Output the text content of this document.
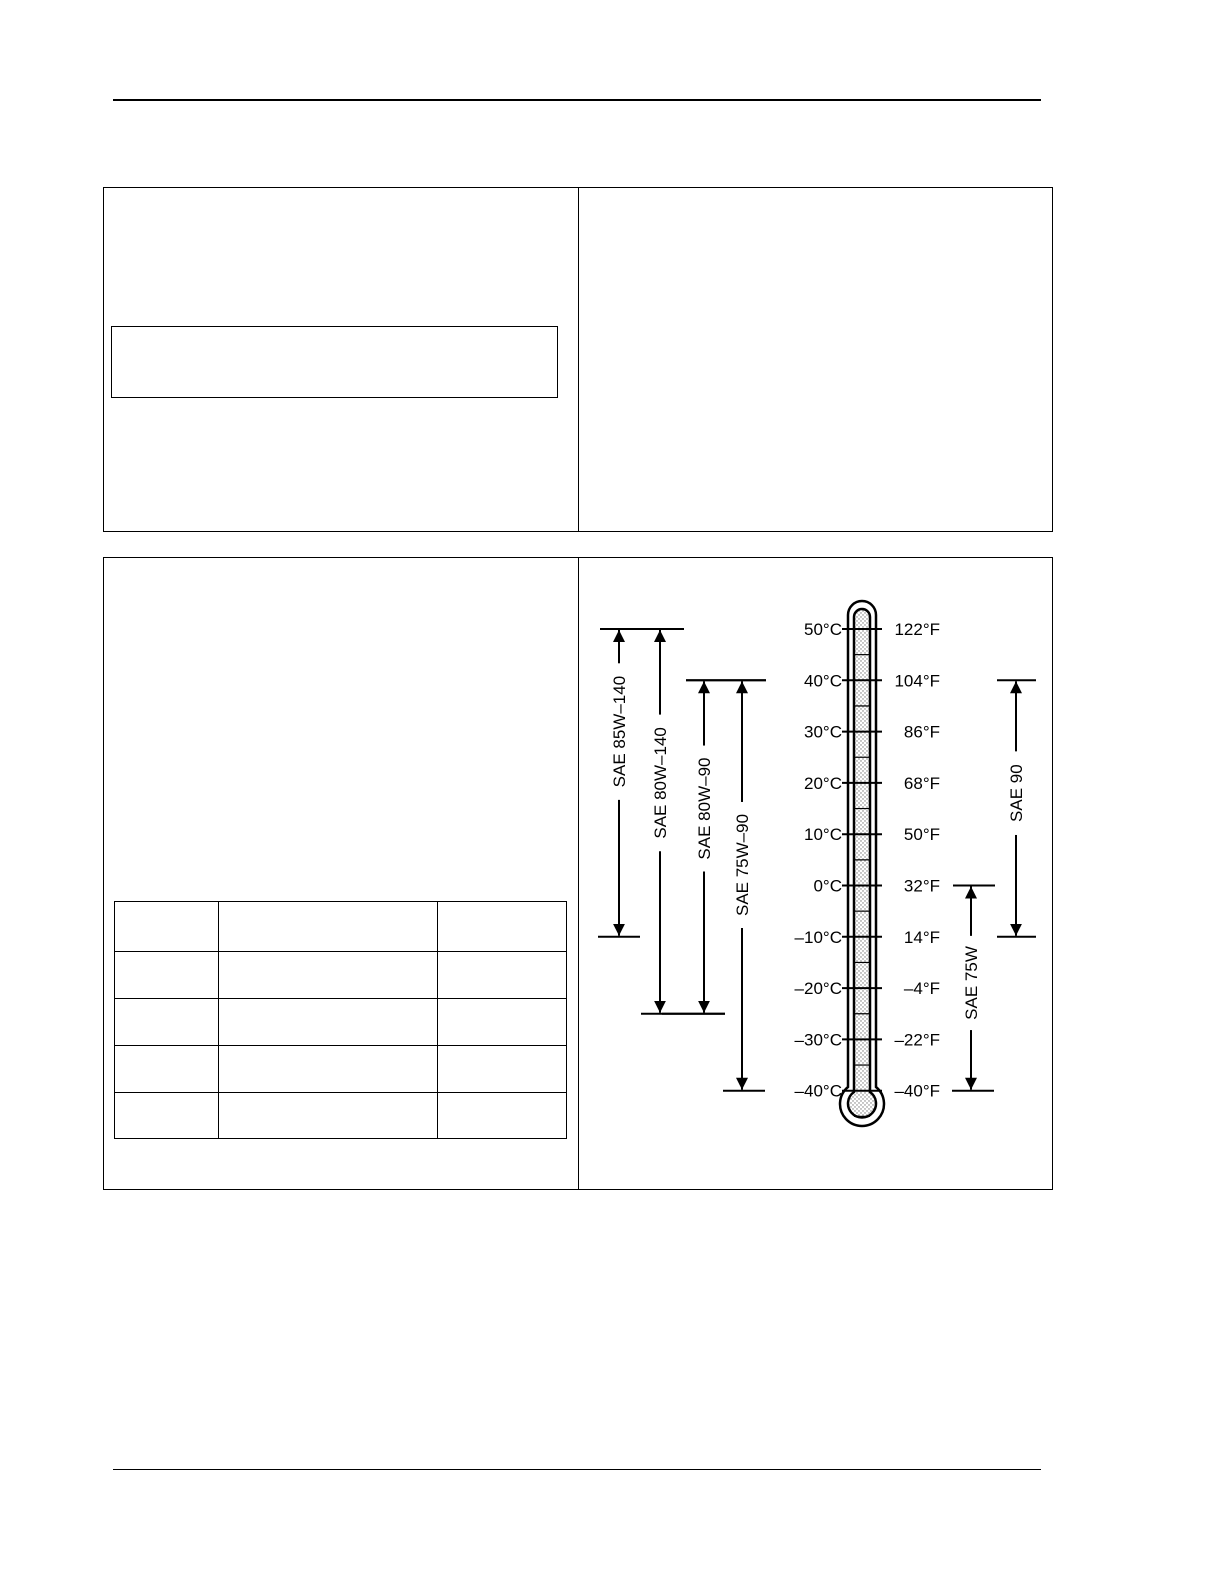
50°C
40°C
30°C
20°C
10°C
0°C
–10°C
–20°C
–30°C
–40°C
122°F
104°F
86°F
68°F
50°F
32°F
14°F
–4°F
–22°F
–40°F
SAE 85W–140 SAE 80W–140 SAE 80W–90
SAE 75W–90
SAE 90
SAE 75W
